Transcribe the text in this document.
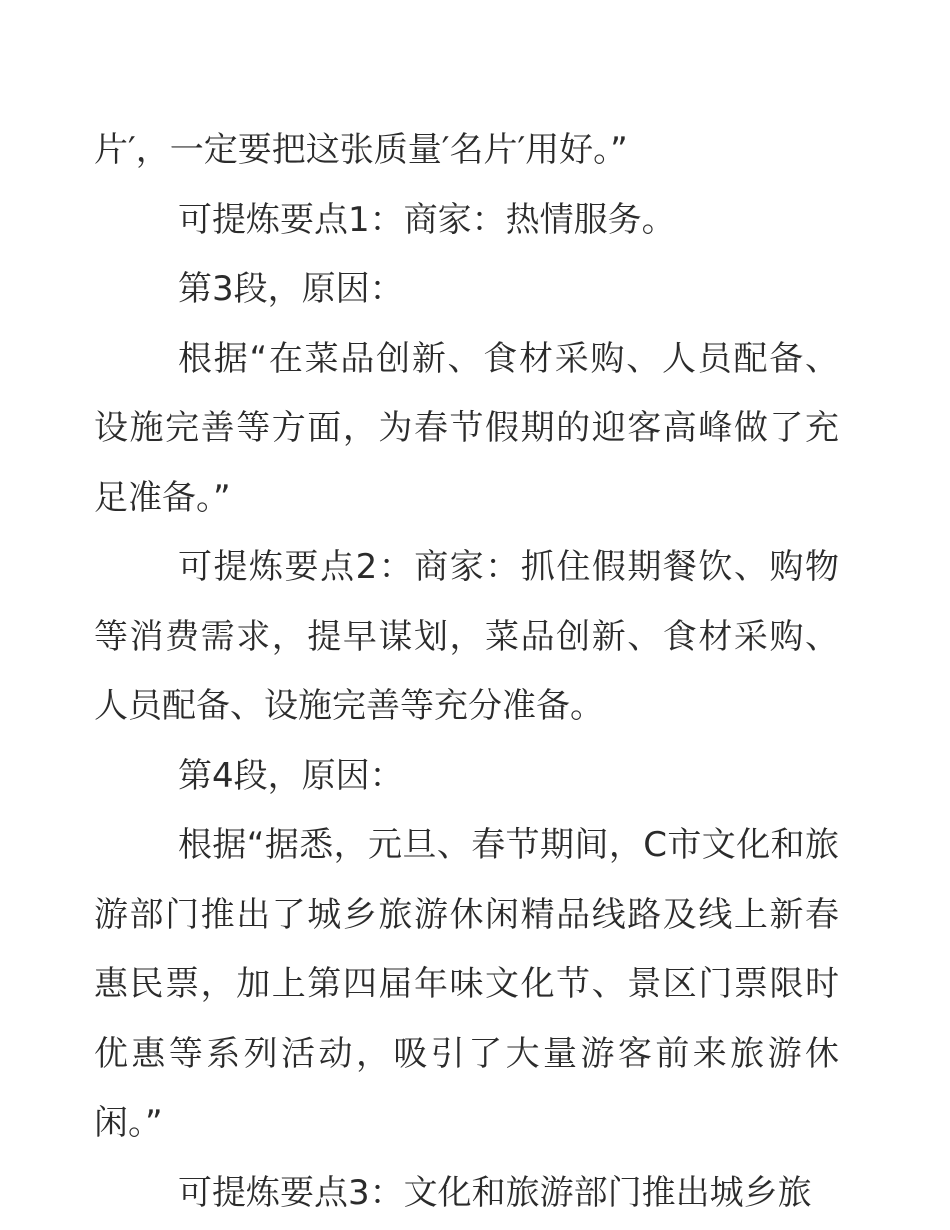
片′，一定要把这张质量′名片′用好。”

可提炼要点1：商家：热情服务。

第3段，原因：

根据“在菜品创新、食材采购、人员配备、设施完善等方面，为春节假期的迎客高峰做了充足准备。”

可提炼要点2：商家：抓住假期餐饮、购物等消费需求，提早谋划，菜品创新、食材采购、人员配备、设施完善等充分准备。

第4段，原因：

根据“据悉，元旦、春节期间，C市文化和旅游部门推出了城乡旅游休闲精品线路及线上新春惠民票，加上第四届年味文化节、景区门票限时优惠等系列活动，吸引了大量游客前来旅游休闲。”

可提炼要点3：文化和旅游部门推出城乡旅
